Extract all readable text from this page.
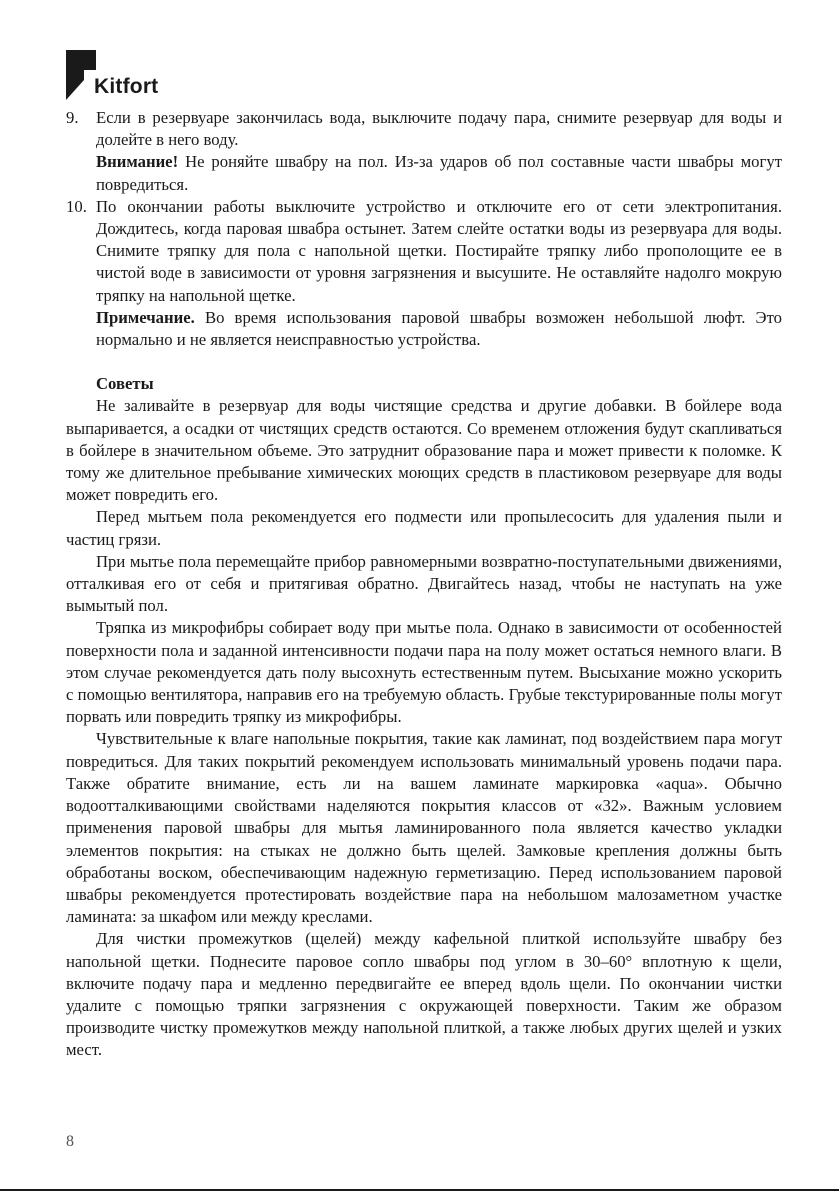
Kitfort
9. Если в резервуаре закончилась вода, выключите подачу пара, снимите резервуар для воды и долейте в него воду.

Внимание! Не роняйте швабру на пол. Из-за ударов об пол составные части швабры могут повредиться.

10. По окончании работы выключите устройство и отключите его от сети электропитания. Дождитесь, когда паровая швабра остынет. Затем слейте остатки воды из резервуара для воды. Снимите тряпку для пола с напольной щетки. Постирайте тряпку либо прополощите ее в чистой воде в зависимости от уровня загрязнения и высушите. Не оставляйте надолго мокрую тряпку на напольной щетке.

Примечание. Во время использования паровой швабры возможен небольшой люфт. Это нормально и не является неисправностью устройства.

Советы

Не заливайте в резервуар для воды чистящие средства и другие добавки. В бойлере вода выпаривается, а осадки от чистящих средств остаются. Со временем отложения будут скапливаться в бойлере в значительном объеме. Это затруднит образование пара и может привести к поломке. К тому же длительное пребывание химических моющих средств в пластиковом резервуаре для воды может повредить его.

Перед мытьем пола рекомендуется его подмести или пропылесосить для удаления пыли и частиц грязи.

При мытье пола перемещайте прибор равномерными возвратно-поступательными движениями, отталкивая его от себя и притягивая обратно. Двигайтесь назад, чтобы не наступать на уже вымытый пол.

Тряпка из микрофибры собирает воду при мытье пола. Однако в зависимости от особенностей поверхности пола и заданной интенсивности подачи пара на полу может остаться немного влаги. В этом случае рекомендуется дать полу высохнуть естественным путем. Высыхание можно ускорить с помощью вентилятора, направив его на требуемую область. Грубые текстурированные полы могут порвать или повредить тряпку из микрофибры.

Чувствительные к влаге напольные покрытия, такие как ламинат, под воздействием пара могут повредиться. Для таких покрытий рекомендуем использовать минимальный уровень подачи пара. Также обратите внимание, есть ли на вашем ламинате маркировка «aqua». Обычно водоотталкивающими свойствами наделяются покрытия классов от «32». Важным условием применения паровой швабры для мытья ламинированного пола является качество укладки элементов покрытия: на стыках не должно быть щелей. Замковые крепления должны быть обработаны воском, обеспечивающим надежную герметизацию. Перед использованием паровой швабры рекомендуется протестировать воздействие пара на небольшом малозаметном участке ламината: за шкафом или между креслами.

Для чистки промежутков (щелей) между кафельной плиткой используйте швабру без напольной щетки. Поднесите паровое сопло швабры под углом в 30–60° вплотную к щели, включите подачу пара и медленно передвигайте ее вперед вдоль щели. По окончании чистки удалите с помощью тряпки загрязнения с окружающей поверхности. Таким же образом производите чистку промежутков между напольной плиткой, а также любых других щелей и узких мест.

8
